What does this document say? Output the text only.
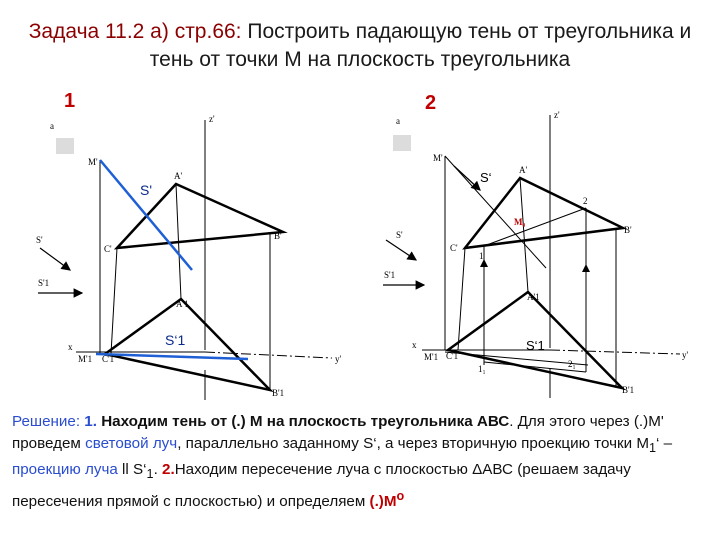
Задача 11.2 а) стр.66: Построить падающую тень от треугольника и тень от точки М на плоскость треугольника
1	2
a
M'
S'
A'
C'
B'
z'
S'
S'1
A'1
x
M'1 C'1
S‘1
B'1
y'
a
M'
S‘	A'
2
M₀
C'
1
B'
z'
S'
S'1
A'1
x
M'1 C'1
S‘1
1₁	2₁
B'1
y'
Решение: 1. Находим тень от (.) М на плоскость треугольника АВС. Для этого через (.)M' проведем световой луч, параллельно заданному S‘, а через вторичную проекцию точки $М_1‘$ –проекцию луча ll $S‘_1$. 2.Находим пересечение луча с плоскостью ΔАВС (решаем задачу пересечения прямой с плоскостью) и определяем $(.)M^о$
